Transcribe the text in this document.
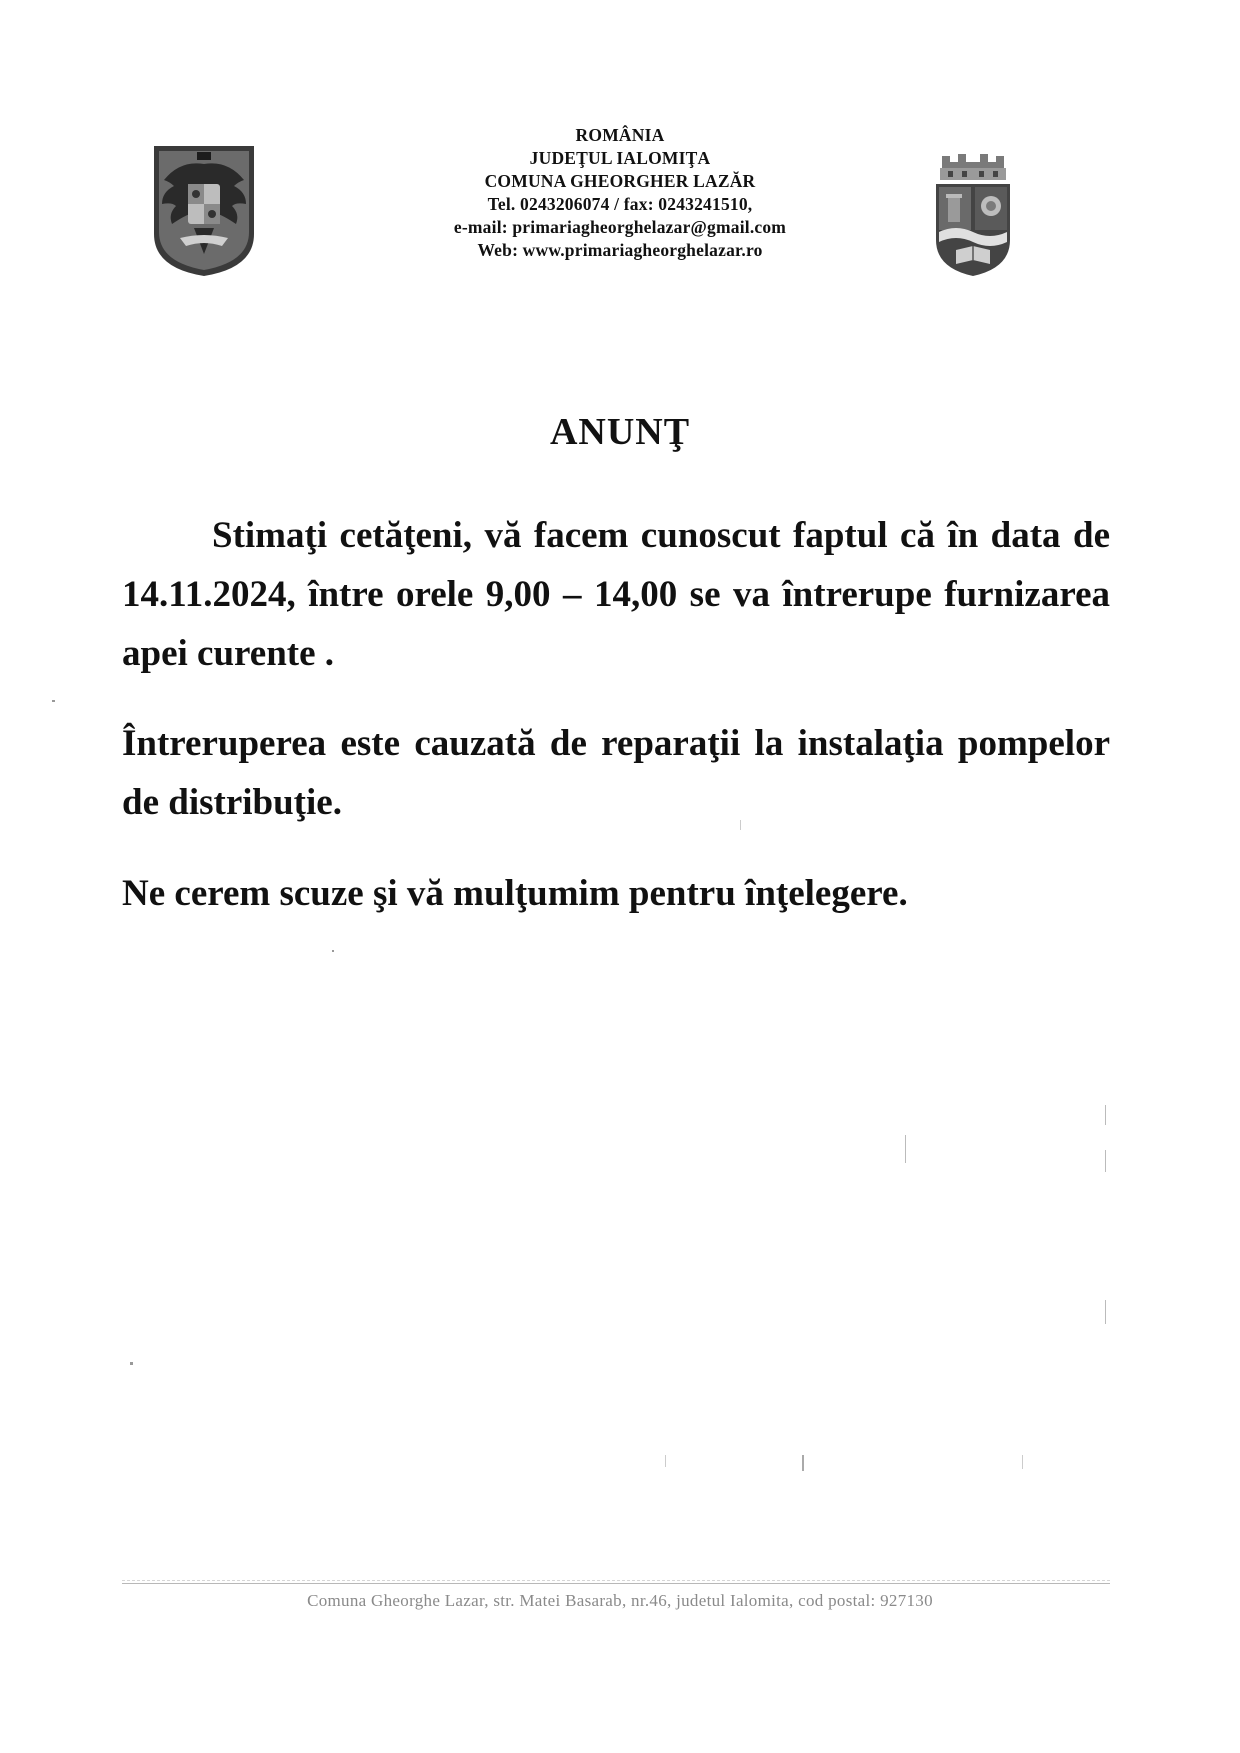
ROMÂNIA
JUDEŢUL IALOMIŢA
COMUNA GHEORGHER LAZĂR
Tel. 0243206074 / fax: 0243241510,
e-mail: primariagheorghelazar@gmail.com
Web: www.primariagheorghelazar.ro
ANUNŢ
Stimaţi cetăţeni, vă facem cunoscut faptul că în data de 14.11.2024, între orele 9,00 – 14,00 se va întrerupe furnizarea apei curente .
Întreruperea este cauzată de reparaţii la instalaţia pompelor de distribuţie.
Ne cerem scuze şi vă mulţumim pentru înţelegere.
Comuna Gheorghe Lazar, str. Matei Basarab, nr.46, judetul Ialomita, cod postal: 927130
